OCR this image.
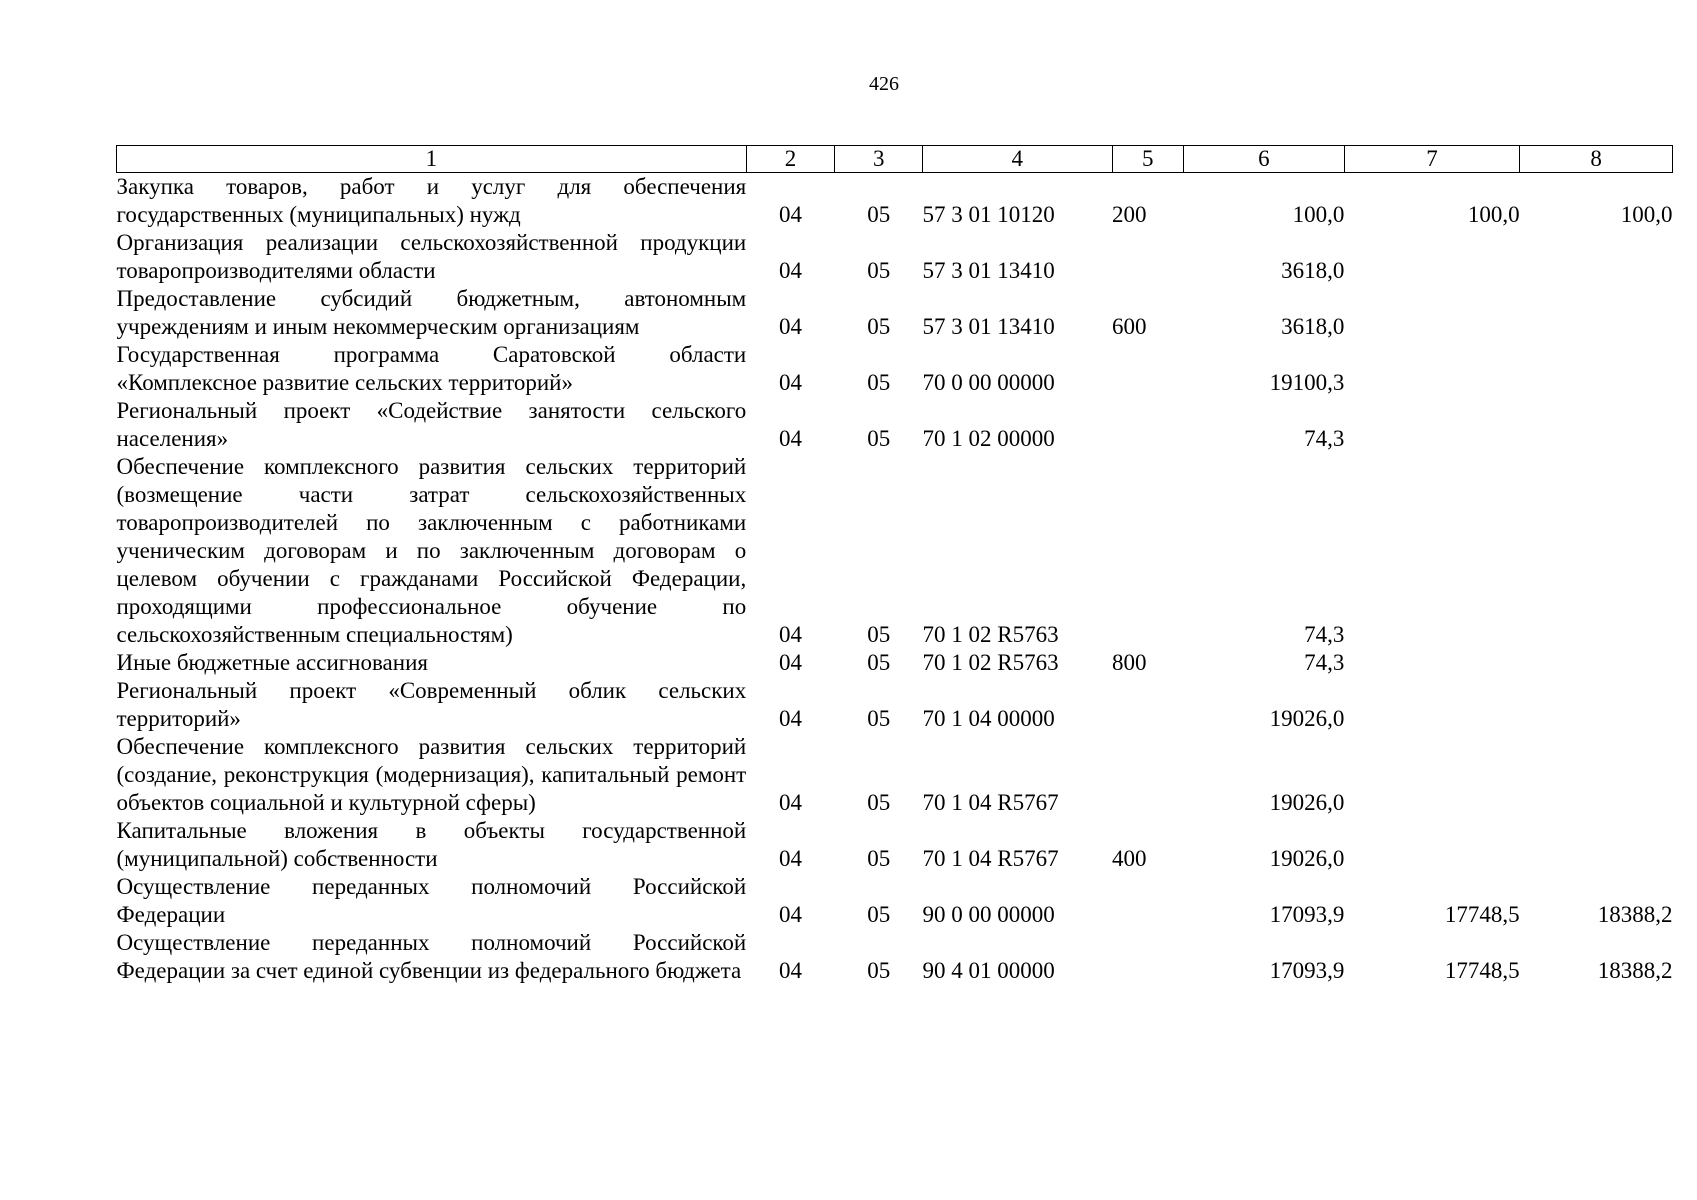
426
1	2	3	4	5	6	7	8
Закупка товаров, работ и услуг для обеспечения государственных (муниципальных) нужд	04	05	57 3 01 10120	200	100,0	100,0	100,0
Организация реализации сельскохозяйственной продукции товаропроизводителями области	04	05	57 3 01 13410		3618,0		
Предоставление субсидий бюджетным, автономным учреждениям и иным некоммерческим организациям	04	05	57 3 01 13410	600	3618,0		
Государственная программа Саратовской области «Комплексное развитие сельских территорий»	04	05	70 0 00 00000		19100,3		
Региональный проект «Содействие занятости сельского населения»	04	05	70 1 02 00000		74,3		
Обеспечение комплексного развития сельских территорий (возмещение части затрат сельскохозяйственных товаропроизводителей по заключенным с работниками ученическим договорам и по заключенным договорам о целевом обучении с гражданами Российской Федерации, проходящими профессиональное обучение по сельскохозяйственным специальностям)	04	05	70 1 02 R5763		74,3		
Иные бюджетные ассигнования	04	05	70 1 02 R5763	800	74,3		
Региональный проект «Современный облик сельских территорий»	04	05	70 1 04 00000		19026,0		
Обеспечение комплексного развития сельских территорий (создание, реконструкция (модернизация), капитальный ремонт объектов социальной и культурной сферы)	04	05	70 1 04 R5767		19026,0		
Капитальные вложения в объекты государственной (муниципальной) собственности	04	05	70 1 04 R5767	400	19026,0		
Осуществление переданных полномочий Российской Федерации	04	05	90 0 00 00000		17093,9	17748,5	18388,2
Осуществление переданных полномочий Российской Федерации за счет единой субвенции из федерального бюджета	04	05	90 4 01 00000		17093,9	17748,5	18388,2
